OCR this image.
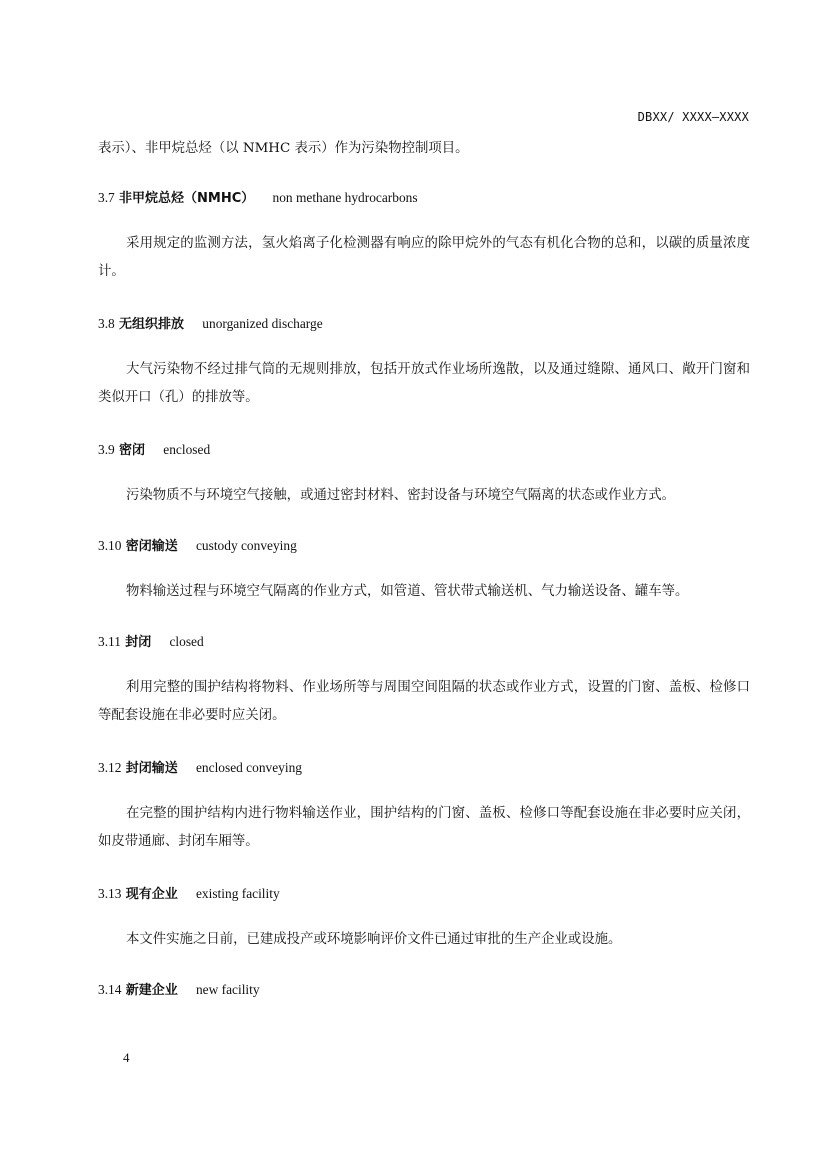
DBXX/ XXXX—XXXX
表示）、非甲烷总烃（以 NMHC 表示）作为污染物控制项目。
3.7 非甲烷总烃（NMHC） non methane hydrocarbons
采用规定的监测方法，氢火焰离子化检测器有响应的除甲烷外的气态有机化合物的总和，以碳的质量浓度计。
3.8 无组织排放 unorganized discharge
大气污染物不经过排气筒的无规则排放，包括开放式作业场所逸散，以及通过缝隙、通风口、敞开门窗和类似开口（孔）的排放等。
3.9 密闭 enclosed
污染物质不与环境空气接触，或通过密封材料、密封设备与环境空气隔离的状态或作业方式。
3.10 密闭输送 custody conveying
物料输送过程与环境空气隔离的作业方式，如管道、管状带式输送机、气力输送设备、罐车等。
3.11 封闭 closed
利用完整的围护结构将物料、作业场所等与周围空间阻隔的状态或作业方式，设置的门窗、盖板、检修口等配套设施在非必要时应关闭。
3.12 封闭输送 enclosed conveying
在完整的围护结构内进行物料输送作业，围护结构的门窗、盖板、检修口等配套设施在非必要时应关闭，如皮带通廊、封闭车厢等。
3.13 现有企业 existing facility
本文件实施之日前，已建成投产或环境影响评价文件已通过审批的生产企业或设施。
3.14 新建企业 new facility
4
